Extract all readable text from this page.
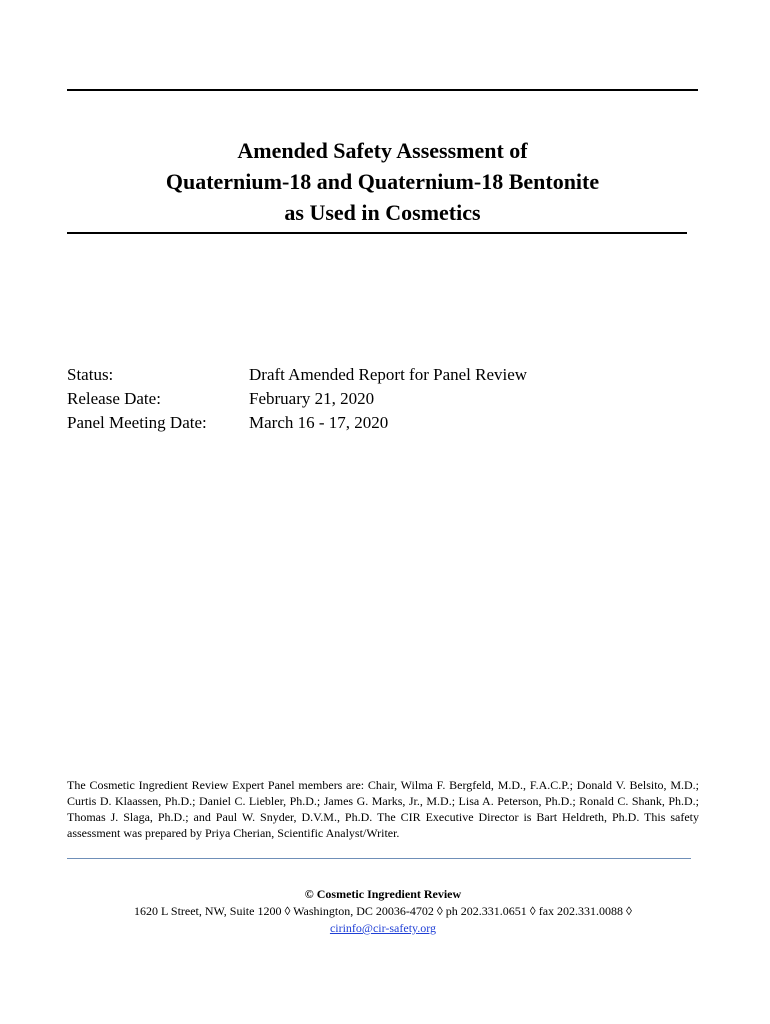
Amended Safety Assessment of
Quaternium-18 and Quaternium-18 Bentonite
as Used in Cosmetics
Status:	Draft Amended Report for Panel Review
Release Date:	February 21, 2020
Panel Meeting Date:	March 16 - 17, 2020
The Cosmetic Ingredient Review Expert Panel members are: Chair, Wilma F. Bergfeld, M.D., F.A.C.P.; Donald V. Belsito, M.D.; Curtis D. Klaassen, Ph.D.; Daniel C. Liebler, Ph.D.; James G. Marks, Jr., M.D.; Lisa A. Peterson, Ph.D.; Ronald C. Shank, Ph.D.; Thomas J. Slaga, Ph.D.; and Paul W. Snyder, D.V.M., Ph.D. The CIR Executive Director is Bart Heldreth, Ph.D. This safety assessment was prepared by Priya Cherian, Scientific Analyst/Writer.
© Cosmetic Ingredient Review
1620 L Street, NW, Suite 1200 ◊ Washington, DC 20036-4702 ◊ ph 202.331.0651 ◊ fax 202.331.0088 ◊
cirinfo@cir-safety.org
